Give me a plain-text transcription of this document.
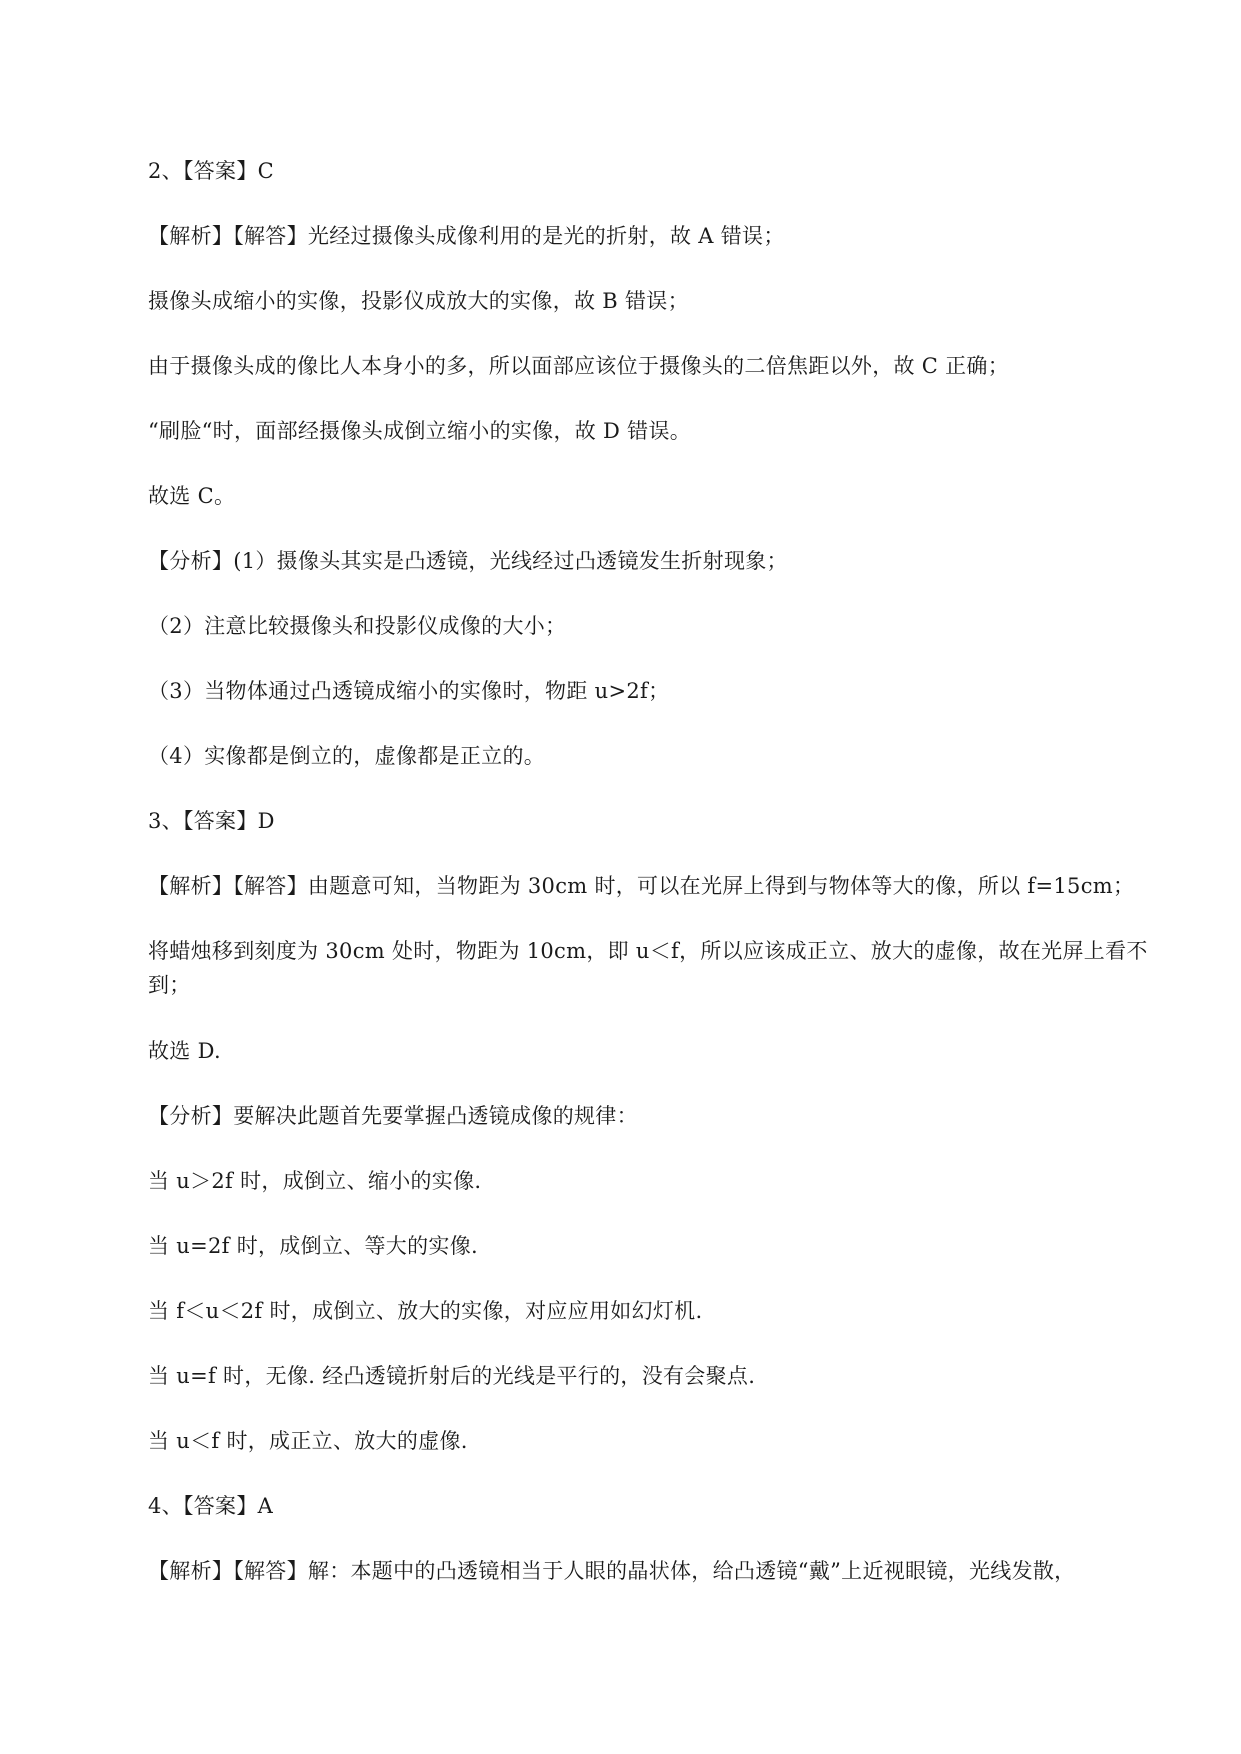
2、【答案】C
【解析】【解答】光经过摄像头成像利用的是光的折射，故 A 错误；
摄像头成缩小的实像，投影仪成放大的实像，故 B 错误；
由于摄像头成的像比人本身小的多，所以面部应该位于摄像头的二倍焦距以外，故 C 正确；
“刷脸“时，面部经摄像头成倒立缩小的实像，故 D 错误。
故选 C。
【分析】(1）摄像头其实是凸透镜，光线经过凸透镜发生折射现象；
（2）注意比较摄像头和投影仪成像的大小；
（3）当物体通过凸透镜成缩小的实像时，物距 u>2f；
（4）实像都是倒立的，虚像都是正立的。
3、【答案】D
【解析】【解答】由题意可知，当物距为 30cm 时，可以在光屏上得到与物体等大的像，所以 f=15cm；
将蜡烛移到刻度为 30cm 处时，物距为 10cm，即 u＜f，所以应该成正立、放大的虚像，故在光屏上看不到；
故选 D.
【分析】要解决此题首先要掌握凸透镜成像的规律：
当 u＞2f 时，成倒立、缩小的实像.
当 u=2f 时，成倒立、等大的实像.
当 f＜u＜2f 时，成倒立、放大的实像，对应应用如幻灯机.
当 u=f 时，无像. 经凸透镜折射后的光线是平行的，没有会聚点.
当 u＜f 时，成正立、放大的虚像.
4、【答案】A
【解析】【解答】解：本题中的凸透镜相当于人眼的晶状体，给凸透镜“戴”上近视眼镜，光线发散，
